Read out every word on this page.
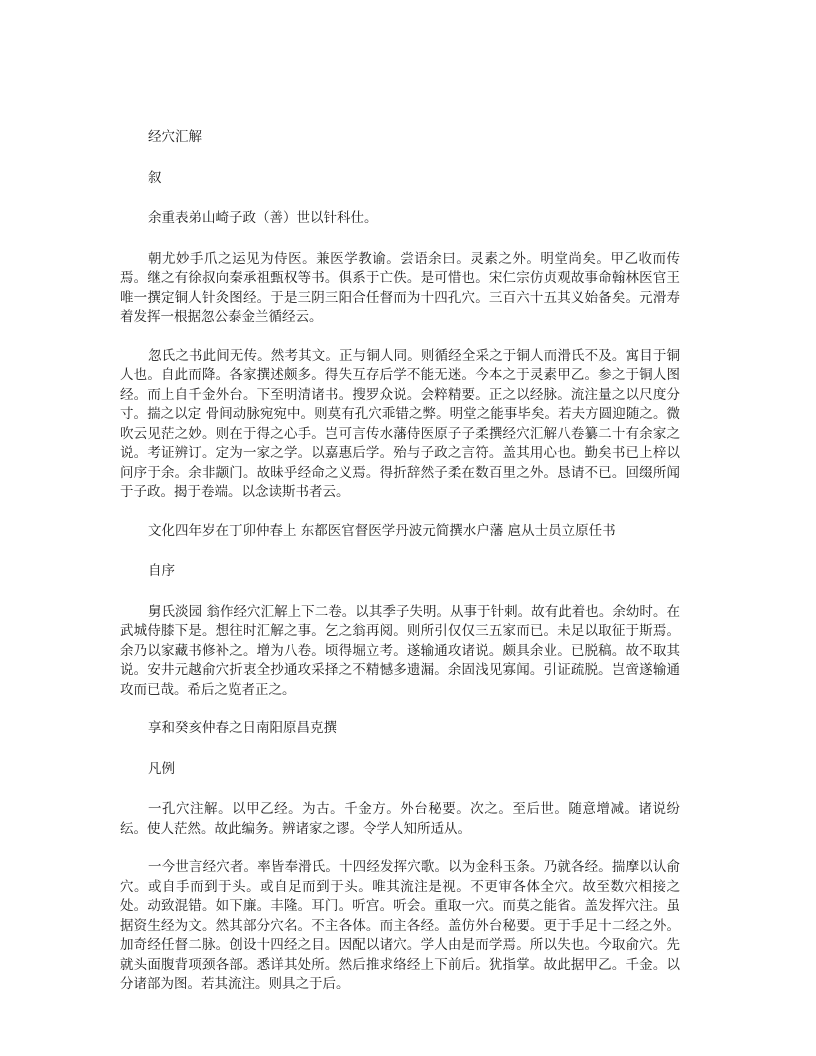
经穴汇解

叙

余重表弟山崎子政（善）世以针科仕。

朝尤妙手爪之运见为侍医。兼医学教谕。尝语余曰。灵素之外。明堂尚矣。甲乙收而传焉。继之有徐叔向秦承祖甄权等书。俱系于亡佚。是可惜也。宋仁宗仿贞观故事命翰林医官王唯一撰定铜人针灸图经。于是三阴三阳合任督而为十四孔穴。三百六十五其义始备矣。元滑寿着发挥一根据忽公泰金兰循经云。

忽氏之书此间无传。然考其文。正与铜人同。则循经全采之于铜人而滑氏不及。寓目于铜人也。自此而降。各家撰述颇多。得失互存后学不能无迷。今本之于灵素甲乙。参之于铜人图经。而上自千金外台。下至明清诸书。搜罗众说。会粹精要。正之以经脉。流注量之以尺度分寸。揣之以定 骨间动脉宛宛中。则莫有孔穴乖错之弊。明堂之能事毕矣。若夫方圆迎随之。微吹云见茫之妙。则在于得之心手。岂可言传水藩侍医原子子柔撰经穴汇解八卷纂二十有余家之说。考证辨订。定为一家之学。以嘉惠后学。殆与子政之言符。盖其用心也。勤矣书已上梓以问序于余。余非颛门。故昧乎经命之义焉。得折辞然子柔在数百里之外。恳请不已。回缀所闻于子政。揭于卷端。以念读斯书者云。

文化四年岁在丁卯仲春上 东都医官督医学丹波元简撰水户藩 扈从士员立原任书

自序

舅氏淡园 翁作经穴汇解上下二卷。以其季子失明。从事于针刺。故有此着也。余幼时。在武城侍膝下是。想往时汇解之事。乞之翁再阅。则所引仅仅三五家而已。未足以取征于斯焉。余乃以家藏书修补之。增为八卷。顷得堀立考。遂输通攻诸说。颇具余业。已脱稿。故不取其说。安井元越俞穴折衷全抄通攻采择之不精憾多遗漏。余固浅见寡闻。引证疏脱。岂啻遂输通攻而已哉。希后之览者正之。

享和癸亥仲春之日南阳原昌克撰

凡例

一孔穴注解。以甲乙经。为古。千金方。外台秘要。次之。至后世。随意增减。诸说纷纭。使人茫然。故此编务。辨诸家之谬。令学人知所适从。

一今世言经穴者。率皆奉滑氏。十四经发挥穴歌。以为金科玉条。乃就各经。揣摩以认俞穴。或自手而到于头。或自足而到于头。唯其流注是视。不更审各体全穴。故至数穴相接之处。动致混错。如下廉。丰隆。耳门。听宫。听会。重取一穴。而莫之能省。盖发挥穴注。虽据资生经为文。然其部分穴名。不主各体。而主各经。盖仿外台秘要。更于手足十二经之外。加奇经任督二脉。创设十四经之目。因配以诸穴。学人由是而学焉。所以失也。今取俞穴。先就头面腹背项颈各部。悉详其处所。然后推求络经上下前后。犹指掌。故此据甲乙。千金。以分诸部为图。若其流注。则具之于后。
